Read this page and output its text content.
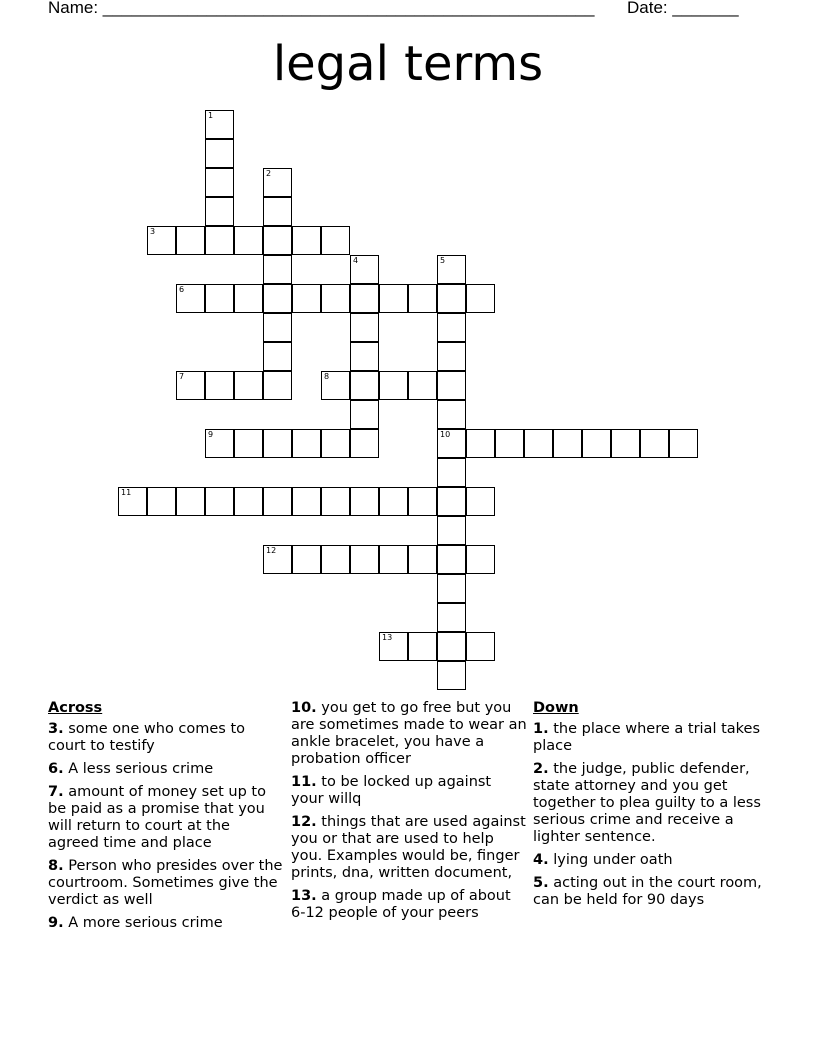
Name: ____________________________________________________ Date: _______
legal terms
1
2
3
4	5
10
6
7	8
9
11
12
13
Across
3. some one who comes to court to testify
6. A less serious crime
7. amount of money set up to be paid as a promise that you will return to court at the agreed time and place
8. Person who presides over the courtroom. Sometimes give the verdict as well
9. A more serious crime
10. you get to go free but you are sometimes made to wear an ankle bracelet, you have a probation officer
11. to be locked up against your willq
12. things that are used against you or that are used to help you. Examples would be, finger prints, dna, written document,
13. a group made up of about 6-12 people of your peers
Down
1. the place where a trial takes place
2. the judge, public defender, state attorney and you get together to plea guilty to a less serious crime and receive a lighter sentence.
4. lying under oath
5. acting out in the court room, can be held for 90 days
